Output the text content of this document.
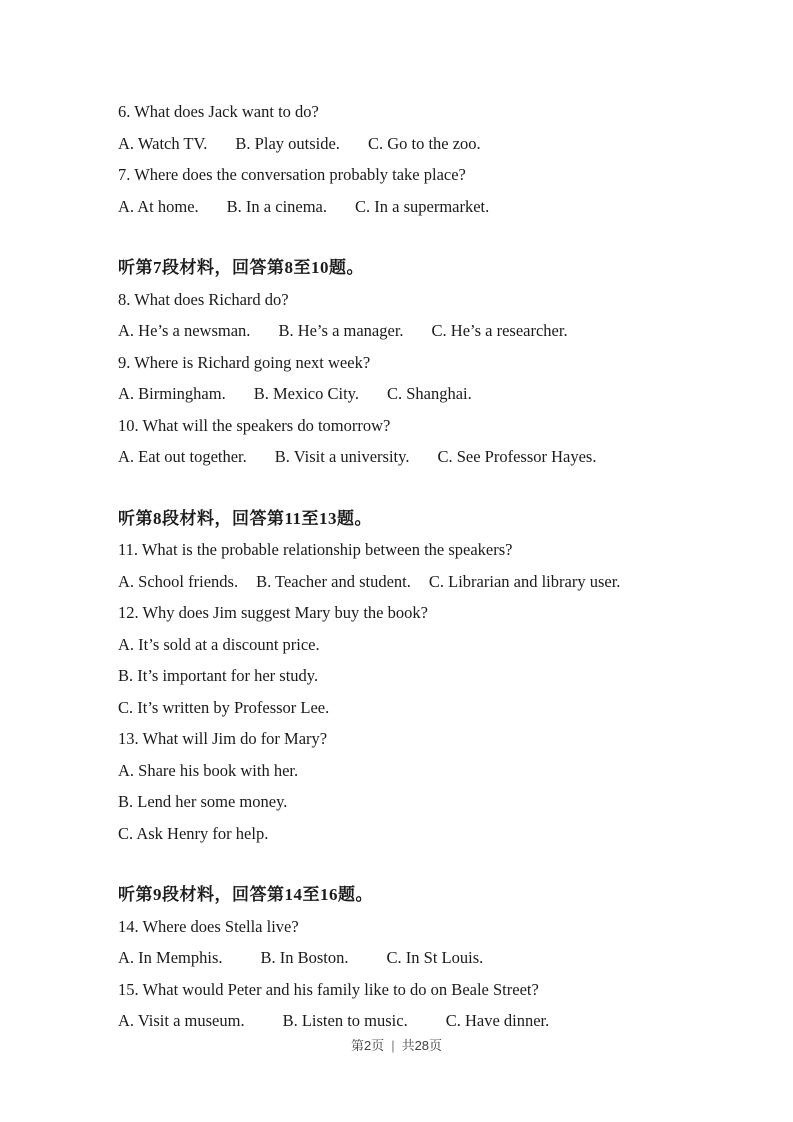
6. What does Jack want to do?
A. Watch TV. B. Play outside. C. Go to the zoo.
7. Where does the conversation probably take place?
A. At home. B. In a cinema. C. In a supermarket.
听第7段材料，回答第8至10题。
8. What does Richard do?
A. He’s a newsman. B. He’s a manager. C. He’s a researcher.
9. Where is Richard going next week?
A. Birmingham. B. Mexico City. C. Shanghai.
10. What will the speakers do tomorrow?
A. Eat out together. B. Visit a university. C. See Professor Hayes.
听第8段材料，回答第11至13题。
11. What is the probable relationship between the speakers?
A. School friends. B. Teacher and student. C. Librarian and library user.
12. Why does Jim suggest Mary buy the book?
A. It’s sold at a discount price.
B. It’s important for her study.
C. It’s written by Professor Lee.
13. What will Jim do for Mary?
A. Share his book with her.
B. Lend her some money.
C. Ask Henry for help.
听第9段材料，回答第14至16题。
14. Where does Stella live?
A. In Memphis. B. In Boston. C. In St Louis.
15. What would Peter and his family like to do on Beale Street?
A. Visit a museum. B. Listen to music. C. Have dinner.
第2页 | 共28页
